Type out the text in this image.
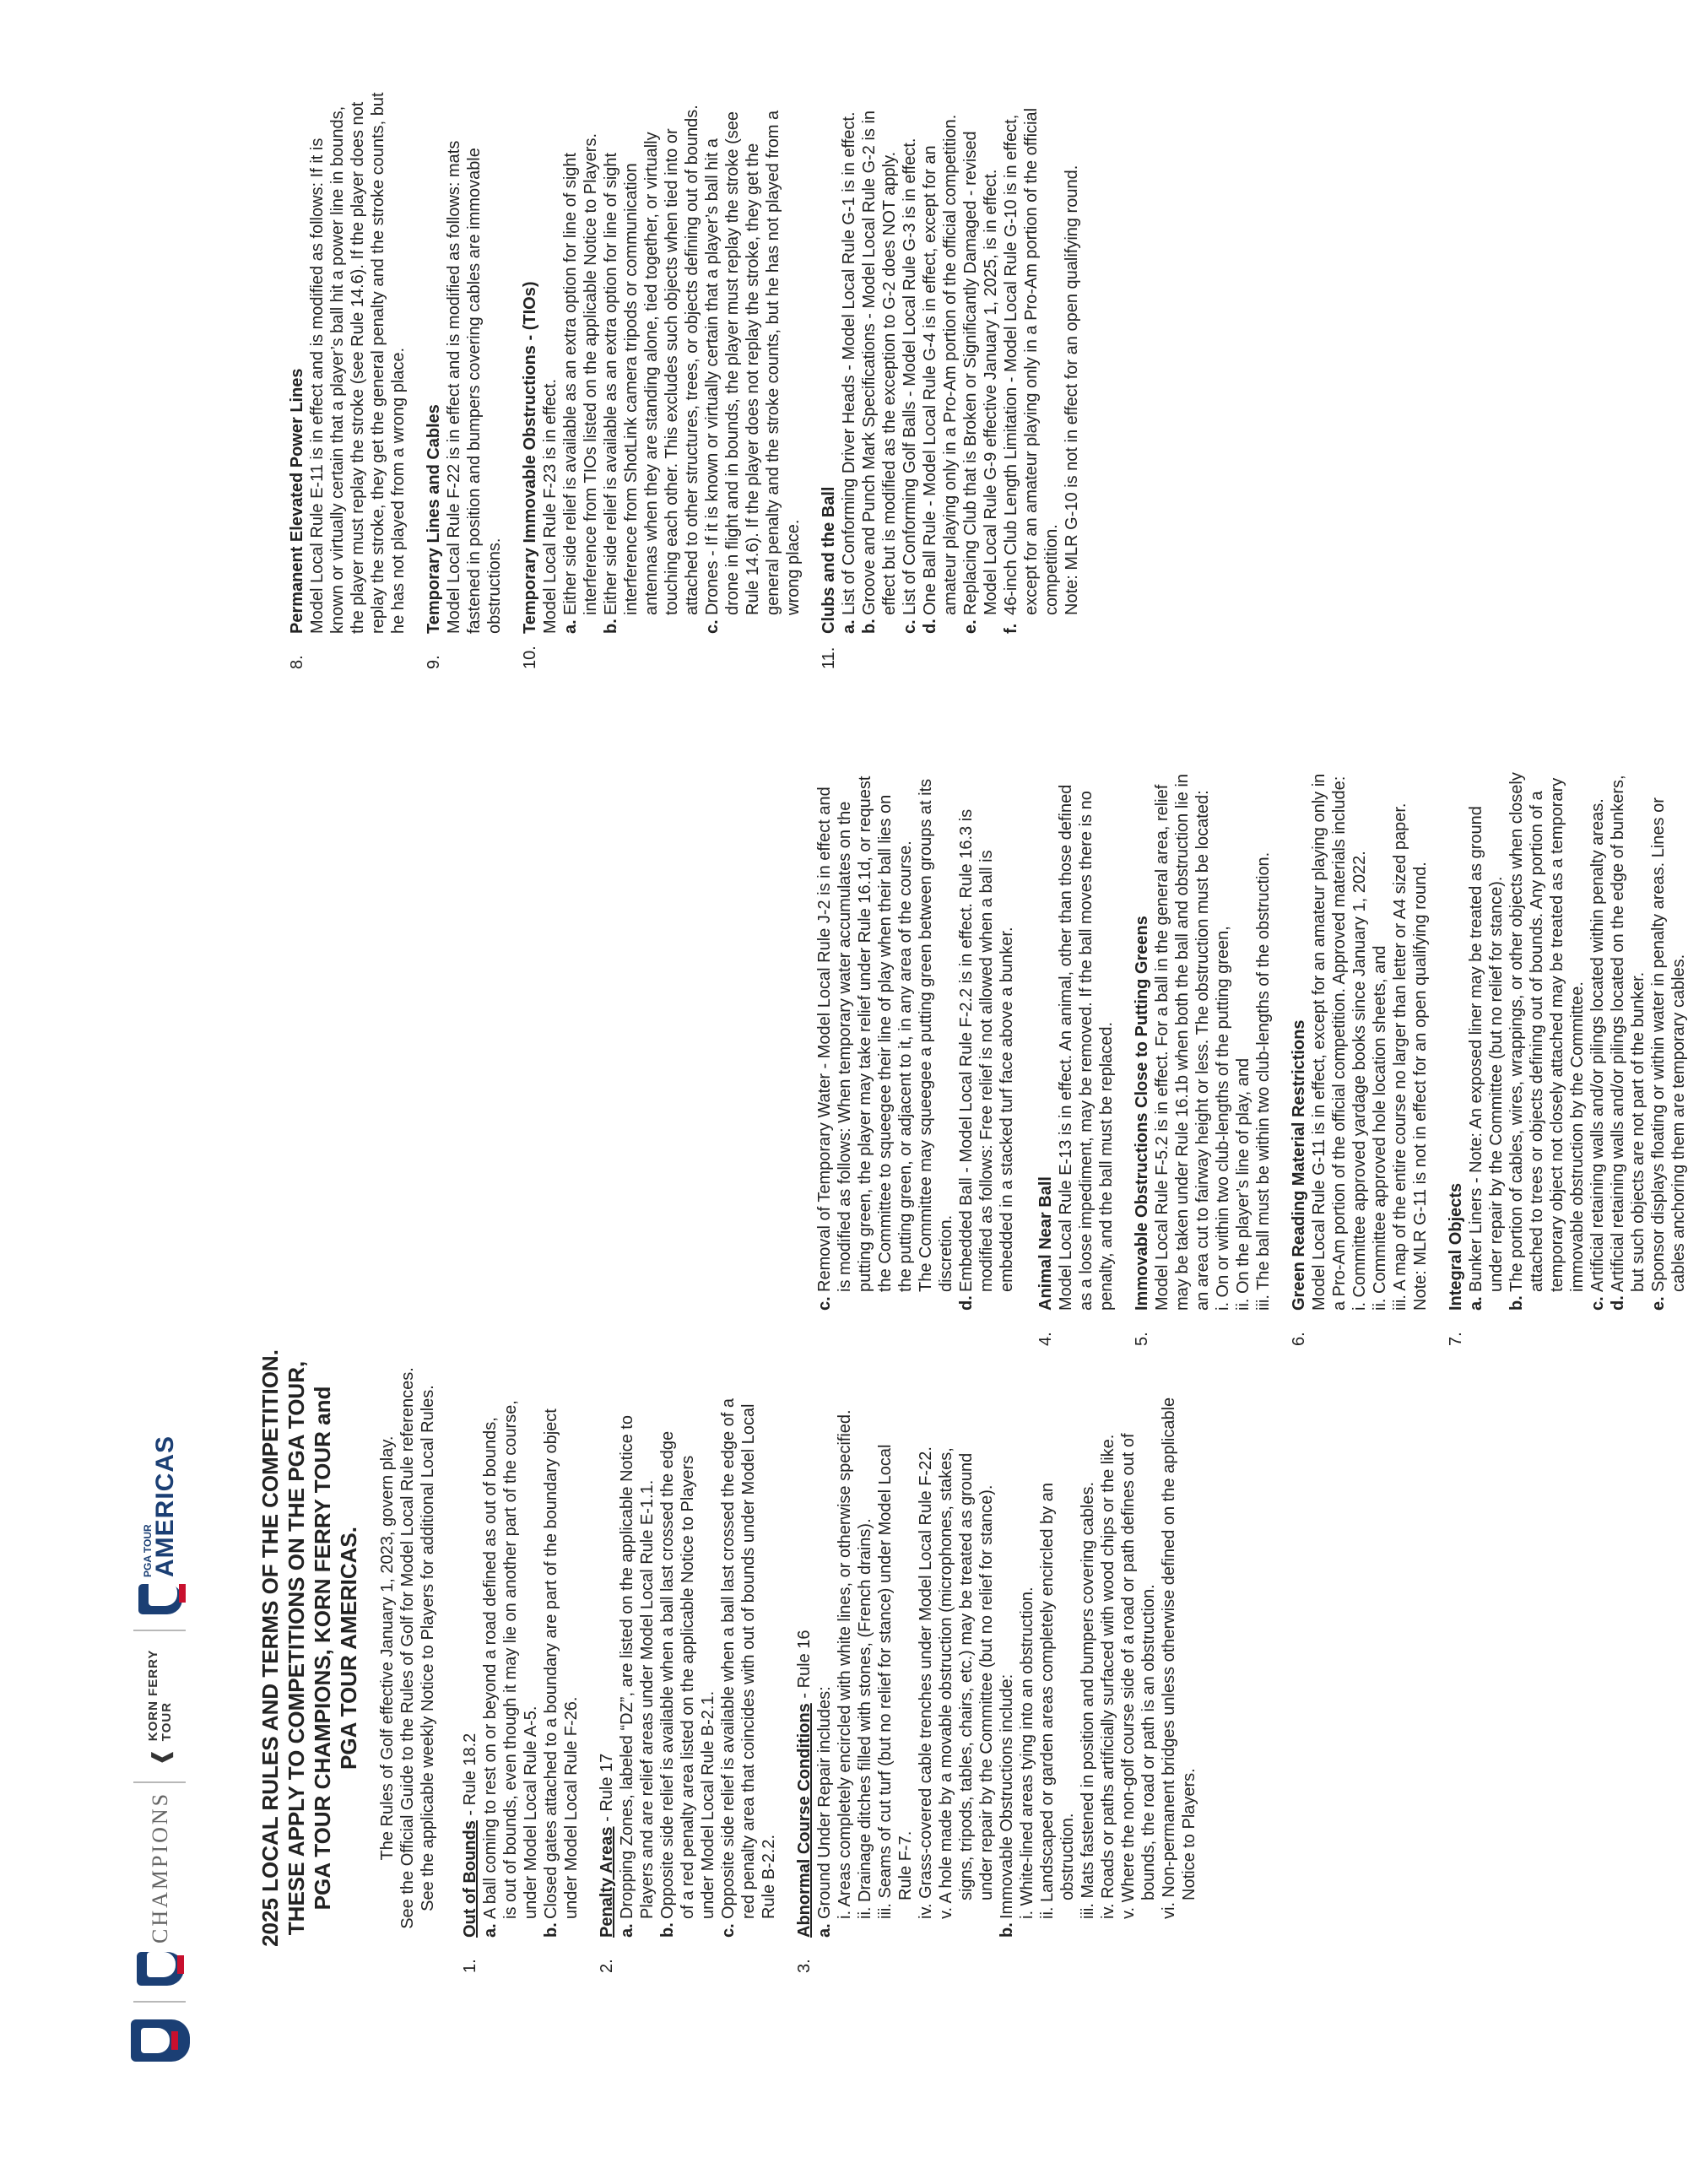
CHAMPIONS
❰
KORN FERRY TOUR
PGA TOUR
AMERICAS	2025 LOCAL RULES AND TERMS OF THE COMPETITION. THESE APPLY TO COMPETITIONS ON THE PGA TOUR, PGA TOUR CHAMPIONS, KORN FERRY TOUR and PGA TOUR AMERICAS. The Rules of Golf effective January 1, 2023, govern play. See the Official Guide to the Rules of Golf for Model Local Rule references. See the applicable weekly Notice to Players for additional Local Rules.

1.

Out of Bounds - Rule 18.2

a.

A ball coming to rest on or beyond a road defined as out of bounds, is out of bounds, even though it may lie on another part of the course, under Model Local Rule A-5.

b.

Closed gates attached to a boundary are part of the boundary object under Model Local Rule F-26.

2.

Penalty Areas - Rule 17

a.

Dropping Zones, labeled “DZ”, are listed on the applicable Notice to Players and are relief areas under Model Local Rule E-1.1.

b.

Opposite side relief is available when a ball last crossed the edge of a red penalty area listed on the applicable Notice to Players under Model Local Rule B-2.1.

c.

Opposite side relief is available when a ball last crossed the edge of a red penalty area that coincides with out of bounds under Model Local Rule B-2.2.

3.

Abnormal Course Conditions - Rule 16

a.

Ground Under Repair includes: i. Areas completely encircled with white lines, or otherwise specified. ii. Drainage ditches filled with stones, (French drains). iii. Seams of cut turf (but no relief for stance) under Model Local Rule F-7. iv. Grass-covered cable trenches under Model Local Rule F-22. v. A hole made by a movable obstruction (microphones, stakes, signs, tripods, tables, chairs, etc.) may be treated as ground under repair by the Committee (but no relief for stance).

b.

Immovable Obstructions include: i. White-lined areas tying into an obstruction. ii. Landscaped or garden areas completely encircled by an obstruction. iii. Mats fastened in position and bumpers covering cables. iv. Roads or paths artificially surfaced with wood chips or the like. v. Where the non-golf course side of a road or path defines out of bounds, the road or path is an obstruction. vi. Non-permanent bridges unless otherwise defined on the applicable Notice to Players.

c.

Removal of Temporary Water - Model Local Rule J-2 is in effect and is modified as follows: When temporary water accumulates on the putting green, the player may take relief under Rule 16.1d, or request the Committee to squeegee their line of play when their ball lies on the putting green, or adjacent to it, in any area of the course. The Committee may squeegee a putting green between groups at its discretion.

d.

Embedded Ball - Model Local Rule F-2.2 is in effect. Rule 16.3 is modified as follows: Free relief is not allowed when a ball is embedded in a stacked turf face above a bunker.

4.

Animal Near Ball Model Local Rule E-13 is in effect. An animal, other than those defined as a loose impediment, may be removed. If the ball moves there is no penalty, and the ball must be replaced.

5.

Immovable Obstructions Close to Putting Greens Model Local Rule F-5.2 is in effect. For a ball in the general area, relief may be taken under Rule 16.1b when both the ball and obstruction lie in an area cut to fairway height or less. The obstruction must be located: i. On or within two club-lengths of the putting green, ii. On the player’s line of play, and iii. The ball must be within two club-lengths of the obstruction.

6.

Green Reading Material Restrictions Model Local Rule G-11 is in effect, except for an amateur playing only in a Pro-Am portion of the official competition. Approved materials include: i. Committee approved yardage books since January 1, 2022. ii. Committee approved hole location sheets, and iii. A map of the entire course no larger than letter or A4 sized paper. Note: MLR G-11 is not in effect for an open qualifying round.

7.

Integral Objects a.

Bunker Liners - Note: An exposed liner may be treated as ground under repair by the Committee (but no relief for stance).

b.

The portion of cables, wires, wrappings, or other objects when closely attached to trees or objects defining out of bounds. Any portion of a temporary object not closely attached may be treated as a temporary immovable obstruction by the Committee.

c.

Artificial retaining walls and/or pilings located within penalty areas.

d.

Artificial retaining walls and/or pilings located on the edge of bunkers, but such objects are not part of the bunker.

e.

Sponsor displays floating or within water in penalty areas. Lines or cables anchoring them are temporary cables.

8.

Permanent Elevated Power Lines Model Local Rule E-11 is in effect and is modified as follows: If it is known or virtually certain that a player’s ball hit a power line in bounds, the player must replay the stroke (see Rule 14.6). If the player does not replay the stroke, they get the general penalty and the stroke counts, but he has not played from a wrong place.

9.

Temporary Lines and Cables Model Local Rule F-22 is in effect and is modified as follows: mats fastened in position and bumpers covering cables are immovable obstructions.

10.

Temporary Immovable Obstructions - (TIOs) Model Local Rule F-23 is in effect. a.

Either side relief is available as an extra option for line of sight interference from TIOs listed on the applicable Notice to Players.

b.

Either side relief is available as an extra option for line of sight interference from ShotLink camera tripods or communication antennas when they are standing alone, tied together, or virtually touching each other. This excludes such objects when tied into or attached to other structures, trees, or objects defining out of bounds.

c.

Drones - If it is known or virtually certain that a player’s ball hit a drone in flight and in bounds, the player must replay the stroke (see Rule 14.6). If the player does not replay the stroke, they get the general penalty and the stroke counts, but he has not played from a wrong place.

11.

Clubs and the Ball a.

List of Conforming Driver Heads - Model Local Rule G-1 is in effect.

b.

Groove and Punch Mark Specifications - Model Local Rule G-2 is in effect but is modified as the exception to G-2 does NOT apply.

c.

List of Conforming Golf Balls - Model Local Rule G-3 is in effect.

d.

One Ball Rule - Model Local Rule G-4 is in effect, except for an amateur playing only in a Pro-Am portion of the official competition.

e.

Replacing Club that is Broken or Significantly Damaged - revised Model Local Rule G-9 effective January 1, 2025, is in effect.

f.

46-inch Club Length Limitation - Model Local Rule G-10 is in effect, except for an amateur playing only in a Pro-Am portion of the official competition. Note: MLR G-10 is not in effect for an open qualifying round.
